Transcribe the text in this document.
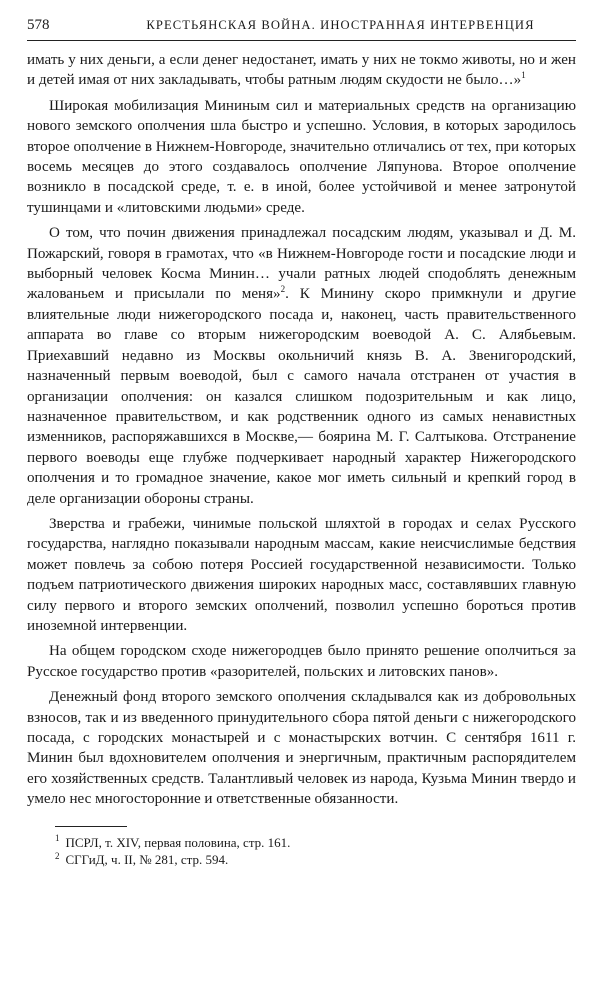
578	КРЕСТЬЯНСКАЯ ВОЙНА. ИНОСТРАННАЯ ИНТЕРВЕНЦИЯ

имать у них деньги, а если денег недостанет, имать у них не токмо животы, но и жен и детей имая от них закладывать, чтобы ратным людям скудости не было…»$^1$

Широкая мобилизация Мининым сил и материальных средств на организацию нового земского ополчения шла быстро и успешно. Условия, в которых зародилось второе ополчение в Нижнем-Новгороде, значительно отличались от тех, при которых восемь месяцев до этого создавалось ополчение Ляпунова. Второе ополчение возникло в посадской среде, т. е. в иной, более устойчивой и менее затронутой тушинцами и «литовскими людьми» среде.

О том, что почин движения принадлежал посадским людям, указывал и Д. М. Пожарский, говоря в грамотах, что «в Нижнем-Новгороде гости и посадские люди и выборный человек Косма Минин… учали ратных людей сподоблять денежным жалованьем и присылали по меня»$^2$. К Минину скоро примкнули и другие влиятельные люди нижегородского посада и, наконец, часть правительственного аппарата во главе со вторым нижегородским воеводой А. С. Алябьевым. Приехавший недавно из Москвы окольничий князь В. А. Звенигородский, назначенный первым воеводой, был с самого начала отстранен от участия в организации ополчения: он казался слишком подозрительным и как лицо, назначенное правительством, и как родственник одного из самых ненавистных изменников, распоряжавшихся в Москве,— боярина М. Г. Салтыкова. Отстранение первого воеводы еще глубже подчеркивает народный характер Нижегородского ополчения и то громадное значение, какое мог иметь сильный и крепкий город в деле организации обороны страны.

Зверства и грабежи, чинимые польской шляхтой в городах и селах Русского государства, наглядно показывали народным массам, какие неисчислимые бедствия может повлечь за собою потеря Россией государственной независимости. Только подъем патриотического движения широких народных масс, составлявших главную силу первого и второго земских ополчений, позволил успешно бороться против иноземной интервенции.

На общем городском сходе нижегородцев было принято решение ополчиться за Русское государство против «разорителей, польских и литовских панов».

Денежный фонд второго земского ополчения складывался как из добровольных взносов, так и из введенного принудительного сбора пятой деньги с нижегородского посада, с городских монастырей и с монастырских вотчин. С сентября 1611 г. Минин был вдохновителем ополчения и энергичным, практичным распорядителем его хозяйственных средств. Талантливый человек из народа, Кузьма Минин твердо и умело нес многосторонние и ответственные обязанности.

$^1$ ПСРЛ, т. XIV, первая половина, стр. 161.
$^2$ СГГиД, ч. II, № 281, стр. 594.
